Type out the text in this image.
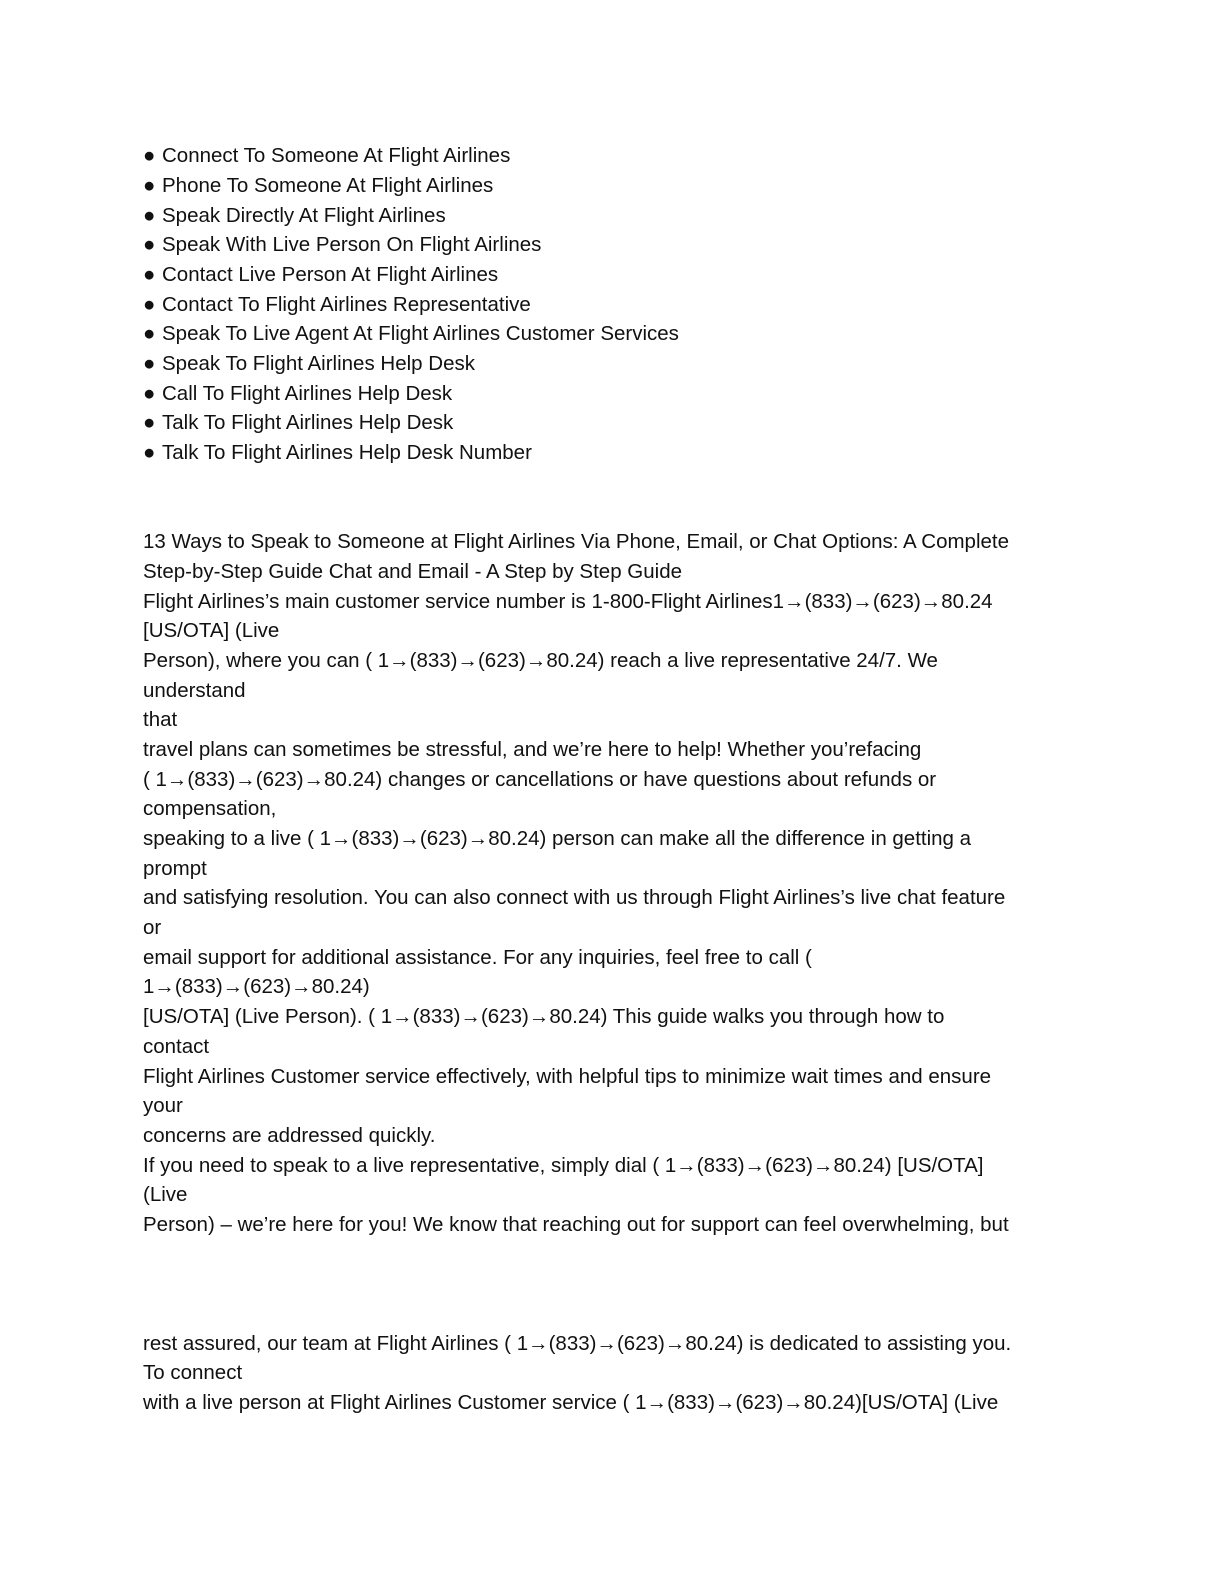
● Connect To Someone At Flight Airlines
● Phone To Someone At Flight Airlines
● Speak Directly At Flight Airlines
● Speak With Live Person On Flight Airlines
● Contact Live Person At Flight Airlines
● Contact To Flight Airlines Representative
● Speak To Live Agent At Flight Airlines Customer Services
● Speak To Flight Airlines Help Desk
● Call To Flight Airlines Help Desk
● Talk To Flight Airlines Help Desk
● Talk To Flight Airlines Help Desk Number
13 Ways to Speak to Someone at Flight Airlines Via Phone, Email, or Chat Options: A Complete
Step-by-Step Guide Chat and Email - A Step by Step Guide
Flight Airlines’s main customer service number is 1-800-Flight Airlines1→(833)→(623)→80.24
[US/OTA] (Live
Person), where you can ( 1→(833)→(623)→80.24) reach a live representative 24/7. We
understand
that
travel plans can sometimes be stressful, and we’re here to help! Whether you’refacing
( 1→(833)→(623)→80.24) changes or cancellations or have questions about refunds or
compensation,
speaking to a live ( 1→(833)→(623)→80.24) person can make all the difference in getting a
prompt
and satisfying resolution. You can also connect with us through Flight Airlines’s live chat feature
or
email support for additional assistance. For any inquiries, feel free to call (
1→(833)→(623)→80.24)
[US/OTA] (Live Person). ( 1→(833)→(623)→80.24) This guide walks you through how to
contact
Flight Airlines Customer service effectively, with helpful tips to minimize wait times and ensure
your
concerns are addressed quickly.
If you need to speak to a live representative, simply dial ( 1→(833)→(623)→80.24) [US/OTA]
(Live
Person) – we’re here for you! We know that reaching out for support can feel overwhelming, but
rest assured, our team at Flight Airlines ( 1→(833)→(623)→80.24) is dedicated to assisting you.
To connect
with a live person at Flight Airlines Customer service ( 1→(833)→(623)→80.24)[US/OTA] (Live
